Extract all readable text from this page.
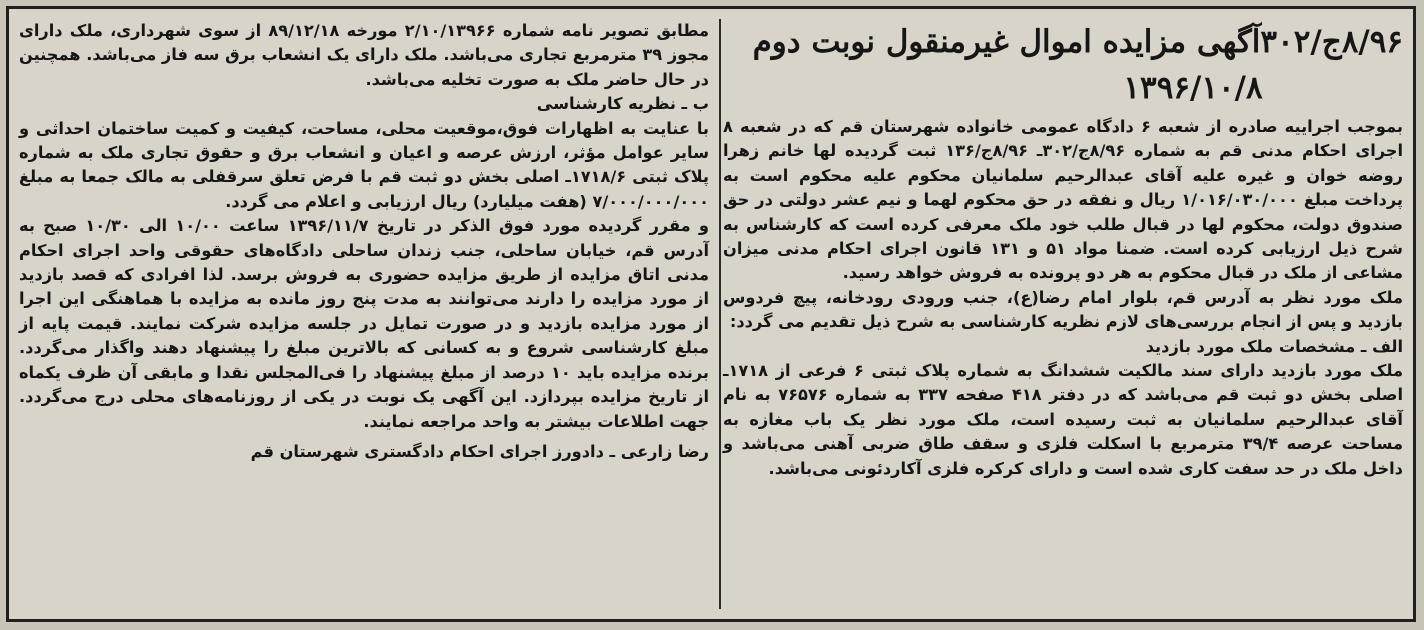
۸/۹۶ج/۳۰۲آگهی مزایده اموال غیرمنقول نوبت دوم
۱۳۹۶/۱۰/۸

بموجب اجراییه صادره از شعبه ۶ دادگاه عمومی خانواده شهرستان قم که در شعبه ۸ اجرای احکام مدنی قم به شماره ۸/۹۶ج/۳۰۲ـ ۸/۹۶ج/۱۳۶ ثبت گردیده لها خانم زهرا روضه خوان و غیره علیه آقای عبدالرحیم سلمانیان محکوم علیه محکوم است به پرداخت مبلغ ۱/۰۱۶/۰۳۰/۰۰۰ ریال و نفقه در حق محکوم لهما و نیم عشر دولتی در حق صندوق دولت، محکوم لها در قبال طلب خود ملک معرفی کرده است که کارشناس به شرح ذیل ارزیابی کرده است. ضمنا مواد ۵۱ و ۱۳۱ قانون اجرای احکام مدنی میزان مشاعی از ملک در قبال محکوم به هر دو پرونده به فروش خواهد رسید.

ملک مورد نظر به آدرس قم، بلوار امام رضا(ع)، جنب ورودی رودخانه، پیچ فردوس بازدید و پس از انجام بررسی‌های لازم نظریه کارشناسی به شرح ذیل تقدیم می گردد:

الف ـ مشخصات ملک مورد بازدید

ملک مورد بازدید دارای سند مالکیت ششدانگ به شماره پلاک ثبتی ۶ فرعی از ۱۷۱۸ـ اصلی بخش دو ثبت قم می‌باشد که در دفتر ۴۱۸ صفحه ۳۳۷ به شماره ۷۶۵۷۶ به نام آقای عبدالرحیم سلمانیان به ثبت رسیده است، ملک مورد نظر یک باب مغازه به مساحت عرصه ۳۹/۴ مترمربع با اسکلت فلزی و سقف طاق ضربی آهنی می‌باشد و داخل ملک در حد سفت کاری شده است و دارای کرکره فلزی آکاردئونی می‌باشد.

مطابق تصویر نامه شماره ۲/۱۰/۱۳۹۶۶ مورخه ۸۹/۱۲/۱۸ از سوی شهرداری، ملک دارای مجوز ۳۹ مترمربع تجاری می‌باشد. ملک دارای یک انشعاب برق سه فاز می‌باشد. همچنین در حال حاضر ملک به صورت تخلیه می‌باشد.

ب ـ نظریه کارشناسی

با عنایت به اظهارات فوق،موقعیت محلی، مساحت، کیفیت و کمیت ساختمان احداثی و سایر عوامل مؤثر، ارزش عرصه و اعیان و انشعاب برق و حقوق تجاری ملک به شماره پلاک ثبتی ۱۷۱۸/۶ـ اصلی بخش دو ثبت قم با فرض تعلق سرقفلی به مالک جمعا به مبلغ ۷/۰۰۰/۰۰۰/۰۰۰ (هفت میلیارد) ریال ارزیابی و اعلام می گردد.

و مقرر گردیده مورد فوق الذکر در تاریخ ۱۳۹۶/۱۱/۷ ساعت ۱۰/۰۰ الی ۱۰/۳۰ صبح به آدرس قم، خیابان ساحلی، جنب زندان ساحلی دادگاه‌های حقوقی واحد اجرای احکام مدنی اتاق مزایده از طریق مزایده حضوری به فروش برسد. لذا افرادی که قصد بازدید از مورد مزایده را دارند می‌توانند به مدت پنج روز مانده به مزایده با هماهنگی این اجرا از مورد مزایده بازدید و در صورت تمایل در جلسه مزایده شرکت نمایند. قیمت پایه از مبلغ کارشناسی شروع و به کسانی که بالاترین مبلغ را پیشنهاد دهند واگذار می‌گردد. برنده مزایده باید ۱۰ درصد از مبلغ پیشنهاد را فی‌المجلس نقدا و مابقی آن ظرف یکماه از تاریخ مزایده بپردازد. این آگهی یک نوبت در یکی از روزنامه‌های محلی درج می‌گردد. جهت اطلاعات بیشتر به واحد مراجعه نمایند.

رضا زارعی ـ دادورز اجرای احکام دادگستری شهرستان قم
